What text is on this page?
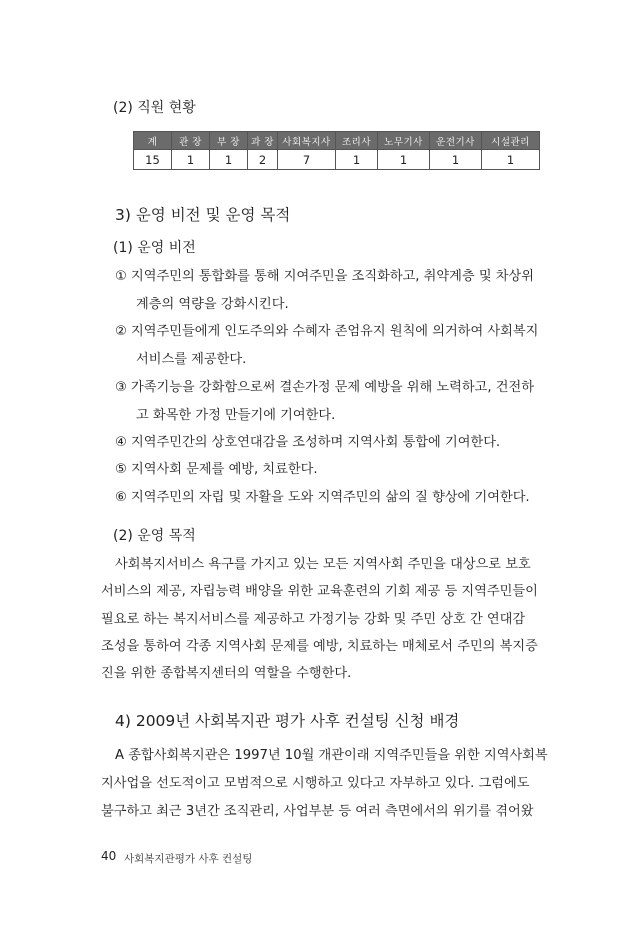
(2) 직원 현황
계	관 장	부 장	과 장	사회복지사	조리사	노무기사	운전기사	시설관리
15	1	1	2	7	1	1	1	1
3) 운영 비전 및 운영 목적
(1) 운영 비전
① 지역주민의 통합화를 통해 지여주민을 조직화하고, 취약계층 및 차상위
계층의 역량을 강화시킨다.
② 지역주민들에게 인도주의와 수혜자 존엄유지 원칙에 의거하여 사회복지
서비스를 제공한다.
③ 가족기능을 강화함으로써 결손가정 문제 예방을 위해 노력하고, 건전하
고 화목한 가정 만들기에 기여한다.
④ 지역주민간의 상호연대감을 조성하며 지역사회 통합에 기여한다.
⑤ 지역사회 문제를 예방, 치료한다.
⑥ 지역주민의 자립 및 자활을 도와 지역주민의 삶의 질 향상에 기여한다.
(2) 운영 목적
사회복지서비스 욕구를 가지고 있는 모든 지역사회 주민을 대상으로 보호
서비스의 제공, 자립능력 배양을 위한 교육훈련의 기회 제공 등 지역주민들이
필요로 하는 복지서비스를 제공하고 가정기능 강화 및 주민 상호 간 연대감
조성을 통하여 각종 지역사회 문제를 예방, 치료하는 매체로서 주민의 복지증
진을 위한 종합복지센터의 역할을 수행한다.
4) 2009년 사회복지관 평가 사후 컨설팅 신청 배경
A 종합사회복지관은 1997년 10월 개관이래 지역주민들을 위한 지역사회복
지사업을 선도적이고 모범적으로 시행하고 있다고 자부하고 있다. 그럼에도
불구하고 최근 3년간 조직관리, 사업부분 등 여러 측면에서의 위기를 겪어왔
40 사회복지관평가 사후 컨설팅
